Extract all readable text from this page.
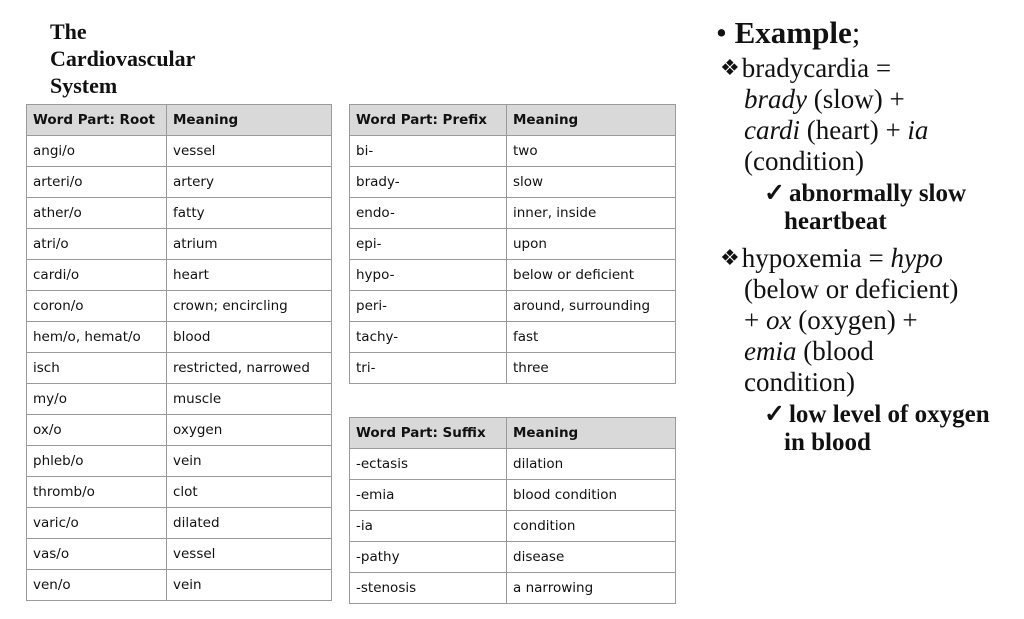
The
Cardiovascular
System
Word Part: Root	Meaning
angi/o	vessel
arteri/o	artery
ather/o	fatty
atri/o	atrium
cardi/o	heart
coron/o	crown; encircling
hem/o, hemat/o	blood
isch	restricted, narrowed
my/o	muscle
ox/o	oxygen
phleb/o	vein
thromb/o	clot
varic/o	dilated
vas/o	vessel
ven/o	vein
Word Part: Prefix	Meaning
bi-	two
brady-	slow
endo-	inner, inside
epi-	upon
hypo-	below or deficient
peri-	around, surrounding
tachy-	fast
tri-	three
Word Part: Suffix	Meaning
-ectasis	dilation
-emia	blood condition
-ia	condition
-pathy	disease
-stenosis	a narrowing
• Example;
❖bradycardia =
brady (slow) +
cardi (heart) + ia
(condition)
✓ abnormally slow
heartbeat
❖hypoxemia = hypo
(below or deficient)
+ ox (oxygen) +
emia (blood
condition)
✓ low level of oxygen
in blood
